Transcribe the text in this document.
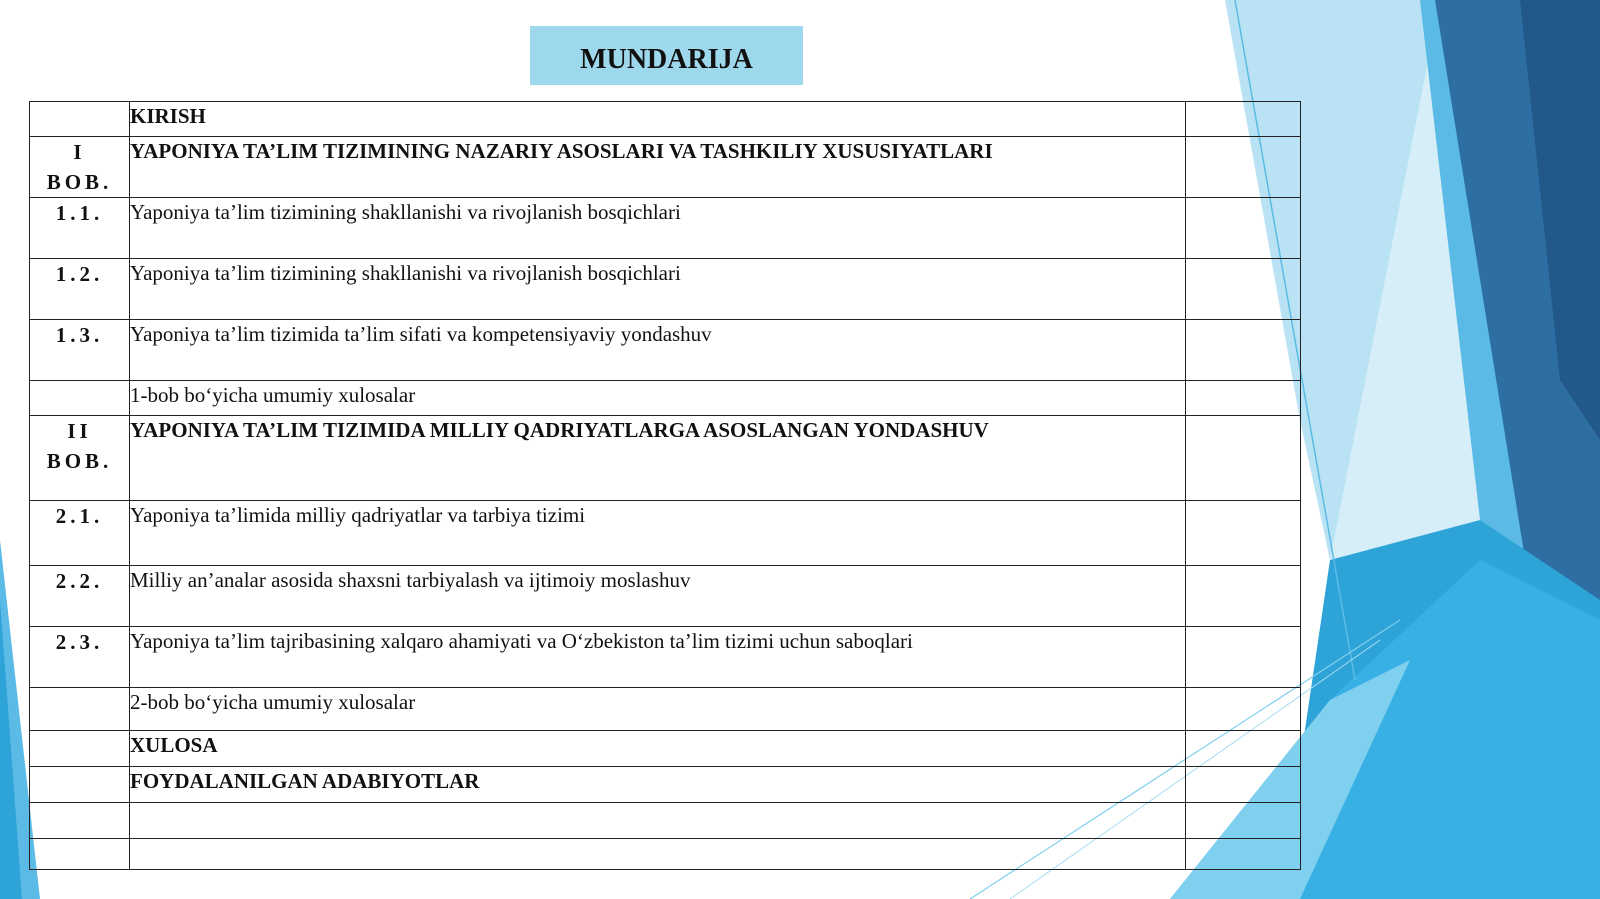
MUNDARIJA
	KIRISH	

I
BOB.	YAPONIYA TA’LIM TIZIMINING NAZARIY ASOSLARI VA TASHKILIY XUSUSIYATLARI	

1.1.	Yaponiya ta’lim tizimining shakllanishi va rivojlanish bosqichlari	

1.2.	Yaponiya ta’lim tizimining shakllanishi va rivojlanish bosqichlari	

1.3.	Yaponiya ta’lim tizimida ta’lim sifati va kompetensiyaviy yondashuv	
	1-bob bo‘yicha umumiy xulosalar	

II
BOB.	YAPONIYA TA’LIM TIZIMIDA MILLIY QADRIYATLARGA ASOSLANGAN YONDASHUV	

2.1.	Yaponiya ta’limida milliy qadriyatlar va tarbiya tizimi	

2.2.	Milliy an’analar asosida shaxsni tarbiyalash va ijtimoiy moslashuv	

2.3.	Yaponiya ta’lim tajribasining xalqaro ahamiyati va O‘zbekiston ta’lim tizimi uchun saboqlari	
	2-bob bo‘yicha umumiy xulosalar	
	XULOSA	
	FOYDALANILGAN ADABIYOTLAR	
